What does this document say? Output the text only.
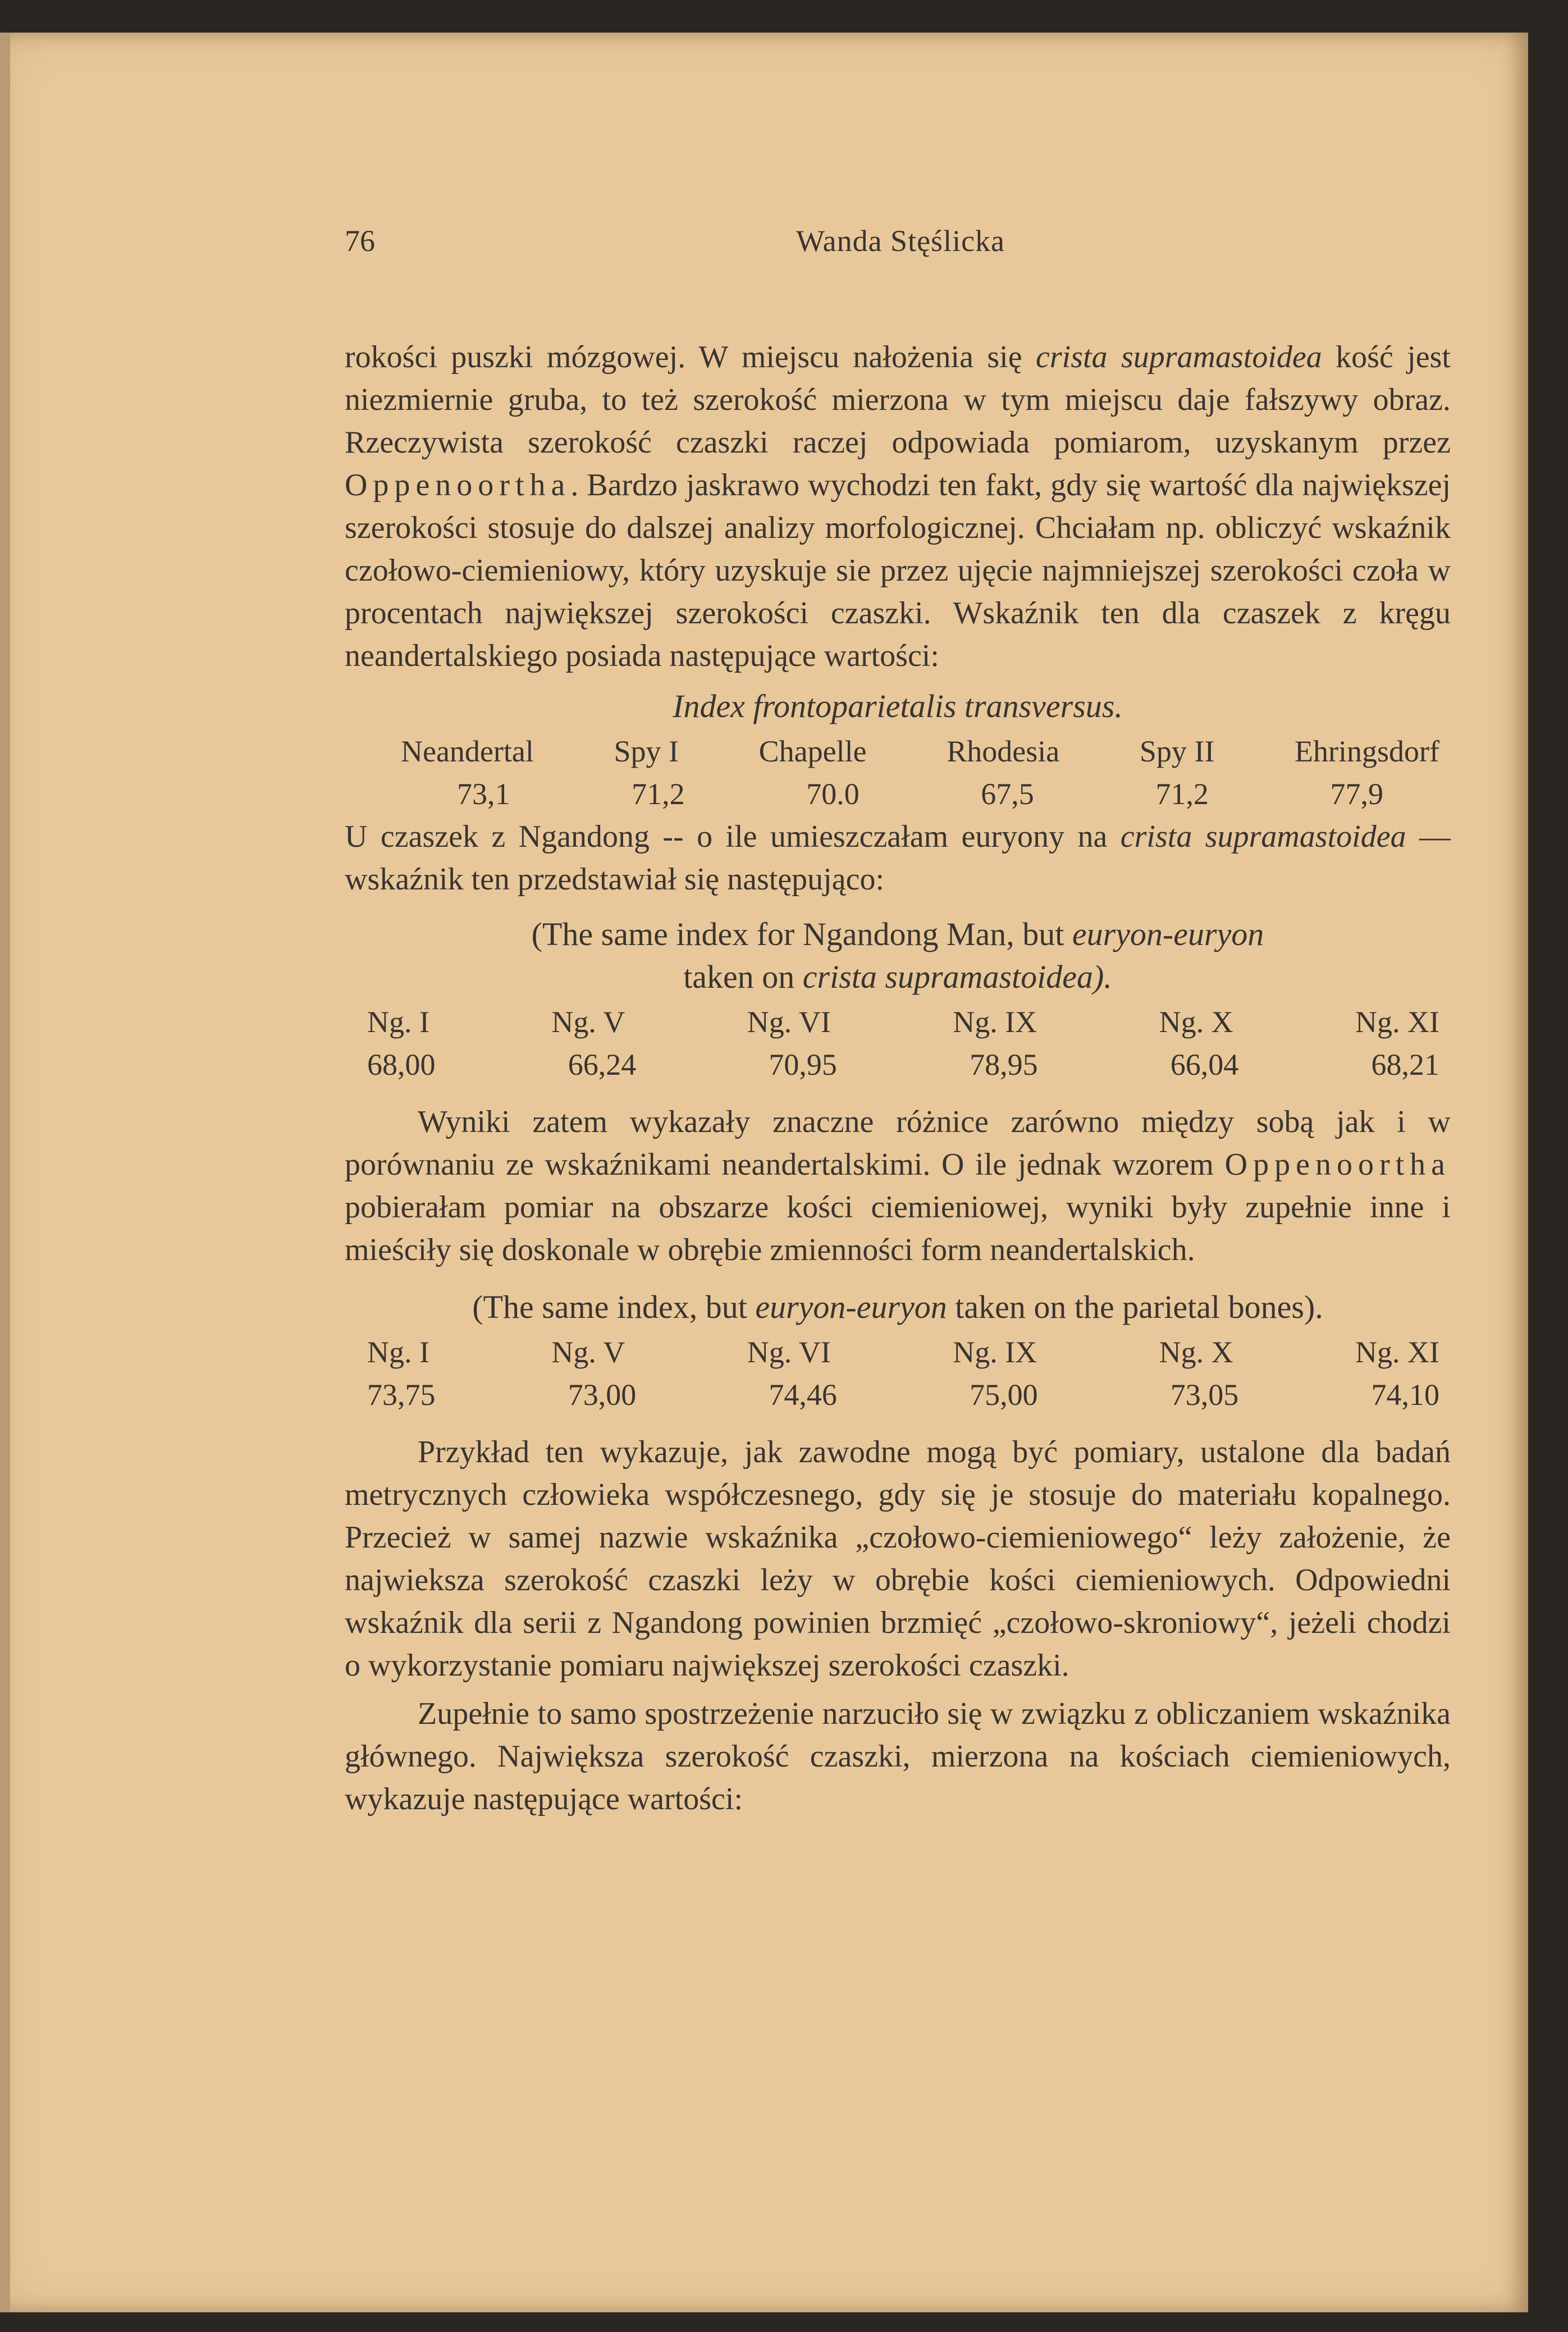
76	Wanda Stęślicka

rokości puszki mózgowej. W miejscu nałożenia się crista supramastoidea kość jest niezmiernie gruba, to też szerokość mierzona w tym miejscu daje fałszywy obraz. Rzeczywista szerokość czaszki raczej odpowiada pomiarom, uzyskanym przez Oppenoortha. Bardzo jaskrawo wychodzi ten fakt, gdy się wartość dla największej szerokości stosuje do dalszej analizy morfologicznej. Chciałam np. obliczyć wskaźnik czołowo-ciemieniowy, który uzyskuje sie przez ujęcie najmniejszej szerokości czoła w procentach największej szerokości czaszki. Wskaźnik ten dla czaszek z kręgu neandertalskiego posiada następujące wartości:

Index frontoparietalis transversus.
Neandertal	Spy I	Chapelle	Rhodesia	Spy II	Ehringsdorf
73,1	71,2	70.0	67,5	71,2	77,9

U czaszek z Ngandong -- o ile umieszczałam euryony na crista supramastoidea — wskaźnik ten przedstawiał się następująco:

(The same index for Ngandong Man, but euryon-euryon
taken on crista supramastoidea).
Ng. I	Ng. V	Ng. VI	Ng. IX	Ng. X	Ng. XI
68,00	66,24	70,95	78,95	66,04	68,21

Wyniki zatem wykazały znaczne różnice zarówno między sobą jak i w porównaniu ze wskaźnikami neandertalskimi. O ile jednak wzorem Oppenoortha pobierałam pomiar na obszarze kości ciemieniowej, wyniki były zupełnie inne i mieściły się doskonale w obrębie zmienności form neandertalskich.

(The same index, but euryon-euryon taken on the parietal bones).
Ng. I	Ng. V	Ng. VI	Ng. IX	Ng. X	Ng. XI
73,75	73,00	74,46	75,00	73,05	74,10

Przykład ten wykazuje, jak zawodne mogą być pomiary, ustalone dla badań metrycznych człowieka współczesnego, gdy się je stosuje do materiału kopalnego. Przecież w samej nazwie wskaźnika „czołowo-ciemieniowego“ leży założenie, że najwieksza szerokość czaszki leży w obrębie kości ciemieniowych. Odpowiedni wskaźnik dla serii z Ngandong powinien brzmięć „czołowo-skroniowy“, jeżeli chodzi o wykorzystanie pomiaru największej szerokości czaszki.

Zupełnie to samo spostrzeżenie narzuciło się w związku z obliczaniem wskaźnika głównego. Największa szerokość czaszki, mierzona na kościach ciemieniowych, wykazuje następujące wartości:
